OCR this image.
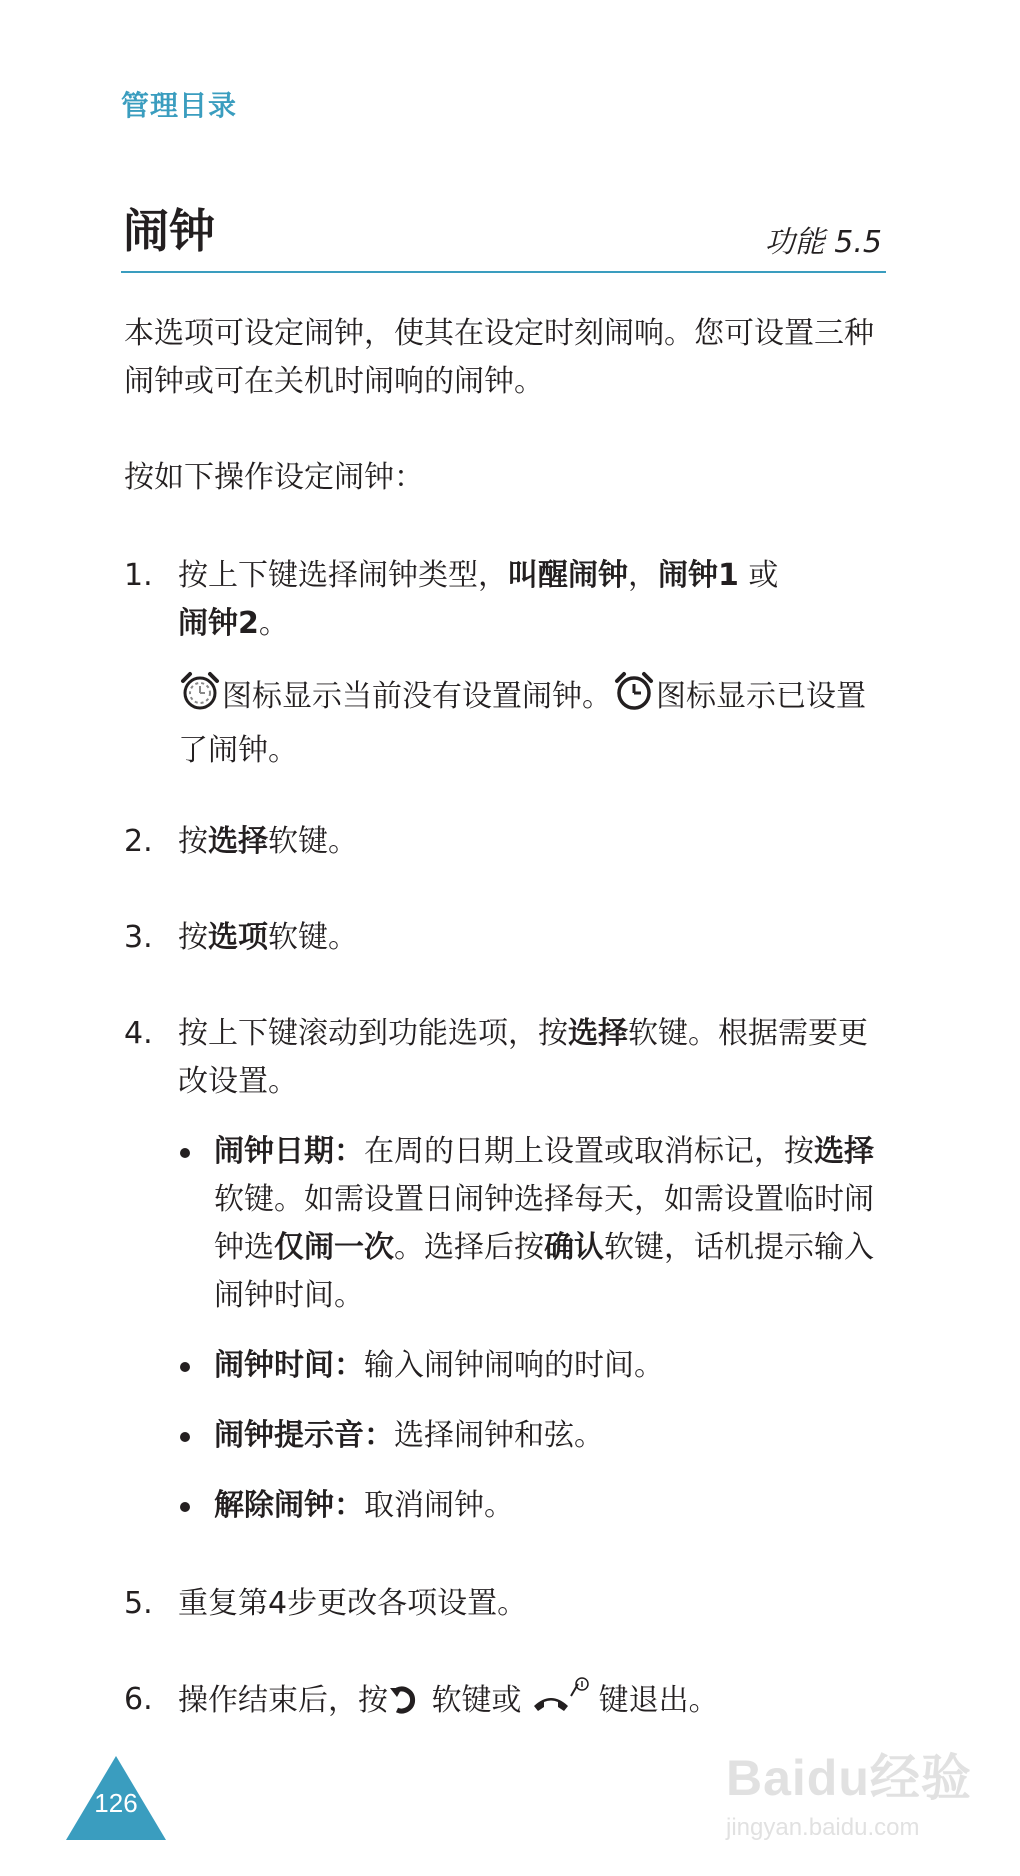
管理目录
闹钟	功能 5.5
本选项可设定闹钟，使其在设定时刻闹响。您可设置三种闹钟或可在关机时闹响的闹钟。
按如下操作设定闹钟：
1. 按上下键选择闹钟类型，叫醒闹钟，闹钟1 或
闹钟2。
图标显示当前没有设置闹钟。 图标显示已设置了闹钟。
2. 按选择软键。
3. 按选项软键。
4. 按上下键滚动到功能选项，按选择软键。根据需要更改设置。
闹钟日期：在周的日期上设置或取消标记，按选择软键。如需设置日闹钟选择每天，如需设置临时闹钟选仅闹一次。选择后按确认软键，话机提示输入闹钟时间。
闹钟时间：输入闹钟闹响的时间。
闹钟提示音：选择闹钟和弦。
解除闹钟：取消闹钟。
5. 重复第4步更改各项设置。
6. 操作结束后，按 软键或  键退出。
126	Baidu经验
jingyan.baidu.com
